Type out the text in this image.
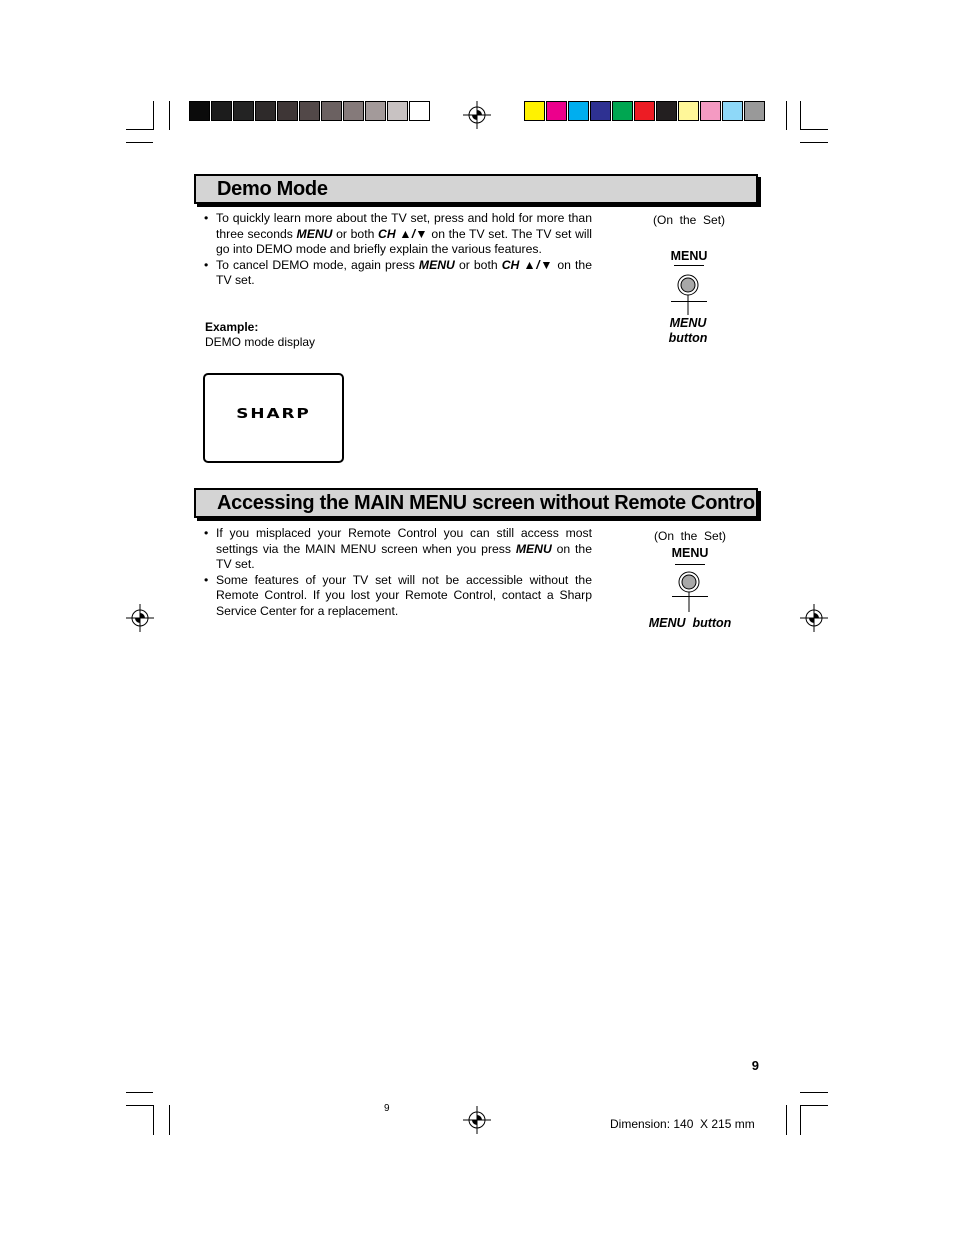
Demo Mode
• To quickly learn more about the TV set, press and hold for more than three seconds MENU or both CH ▲/▼ on the TV set. The TV set will go into DEMO mode and briefly explain the various features.
• To cancel DEMO mode, again press MENU or both CH ▲/▼ on the TV set.
Example:
DEMO mode display
SHARP
(On  the  Set)
MENU
MENU
button
Accessing the MAIN MENU screen without Remote Control
• If you misplaced your Remote Control you can still access most settings via the MAIN MENU screen when you press MENU on the TV set.
• Some features of your TV set will not be accessible without the Remote Control. If you lost your Remote Control, contact a Sharp Service Center for a replacement.
(On  the  Set)
MENU
MENU  button
9
9
Dimension: 140  X 215 mm
